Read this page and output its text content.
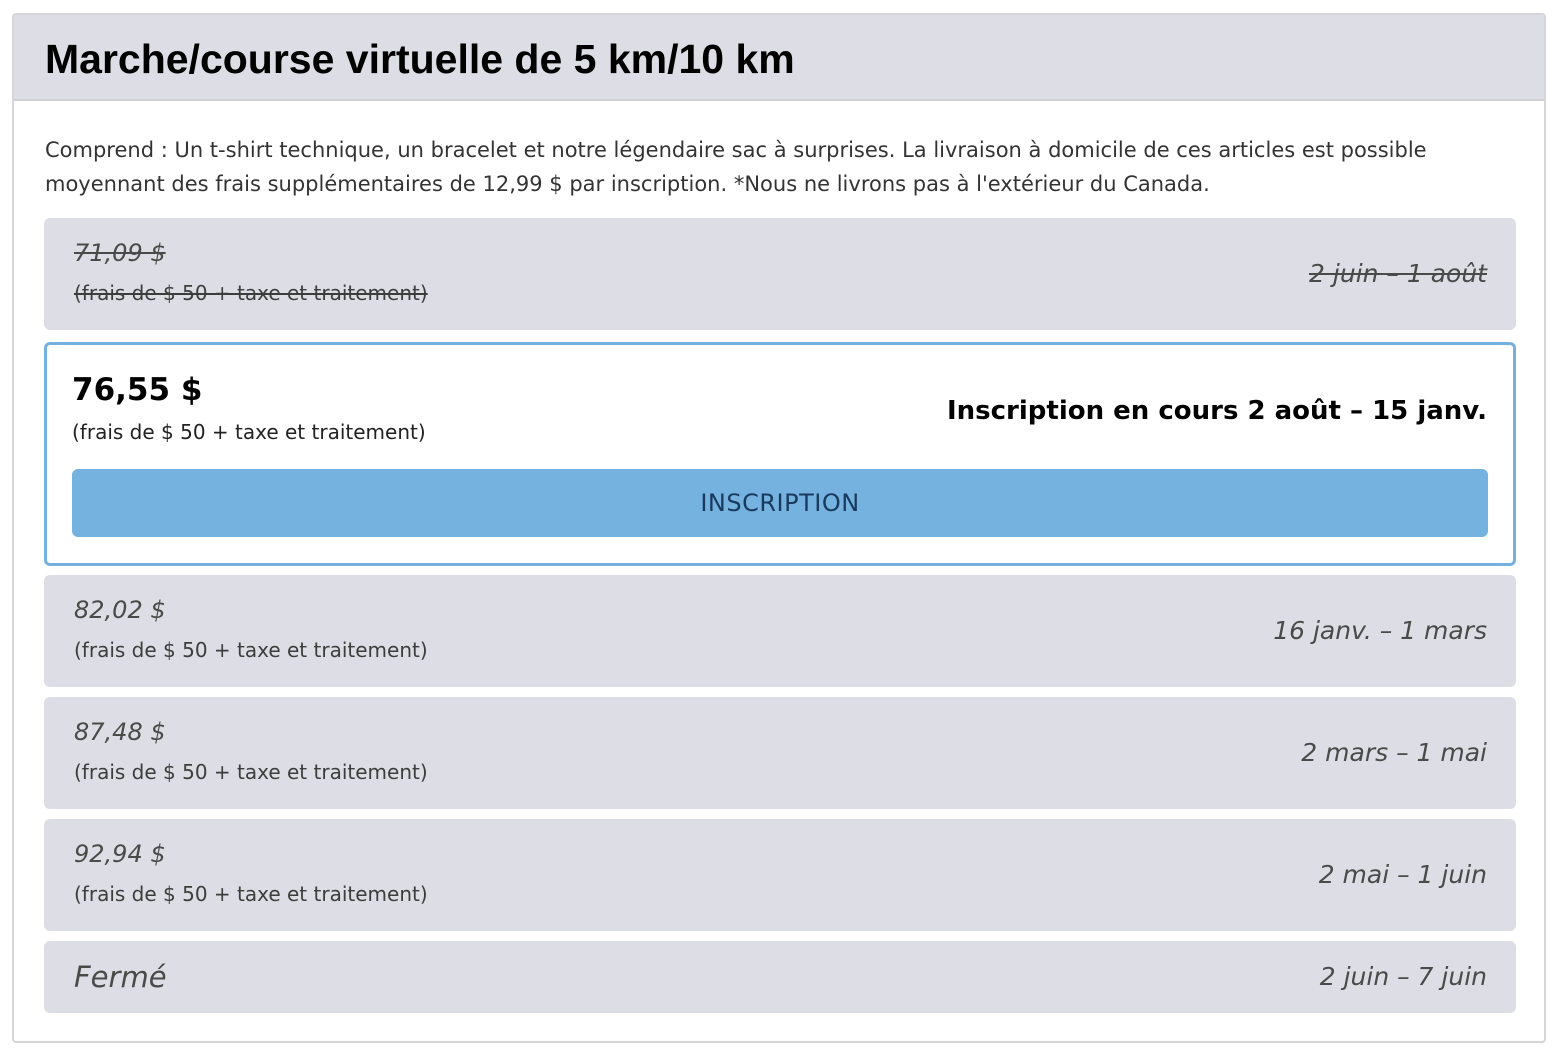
Marche/course virtuelle de 5 km/10 km

Comprend : Un t-shirt technique, un bracelet et notre légendaire sac à surprises. La livraison à domicile de ces articles est possible moyennant des frais supplémentaires de 12,99 $ par inscription. *Nous ne livrons pas à l'extérieur du Canada.

71,09 $
(frais de $ 50 + taxe et traitement)
2 juin – 1 août
76,55 $
(frais de $ 50 + taxe et traitement)
Inscription en cours 2 août – 15 janv.
INSCRIPTION
82,02 $
(frais de $ 50 + taxe et traitement)
16 janv. – 1 mars
87,48 $
(frais de $ 50 + taxe et traitement)
2 mars – 1 mai
92,94 $
(frais de $ 50 + taxe et traitement)
2 mai – 1 juin
Fermé	2 juin – 7 juin
